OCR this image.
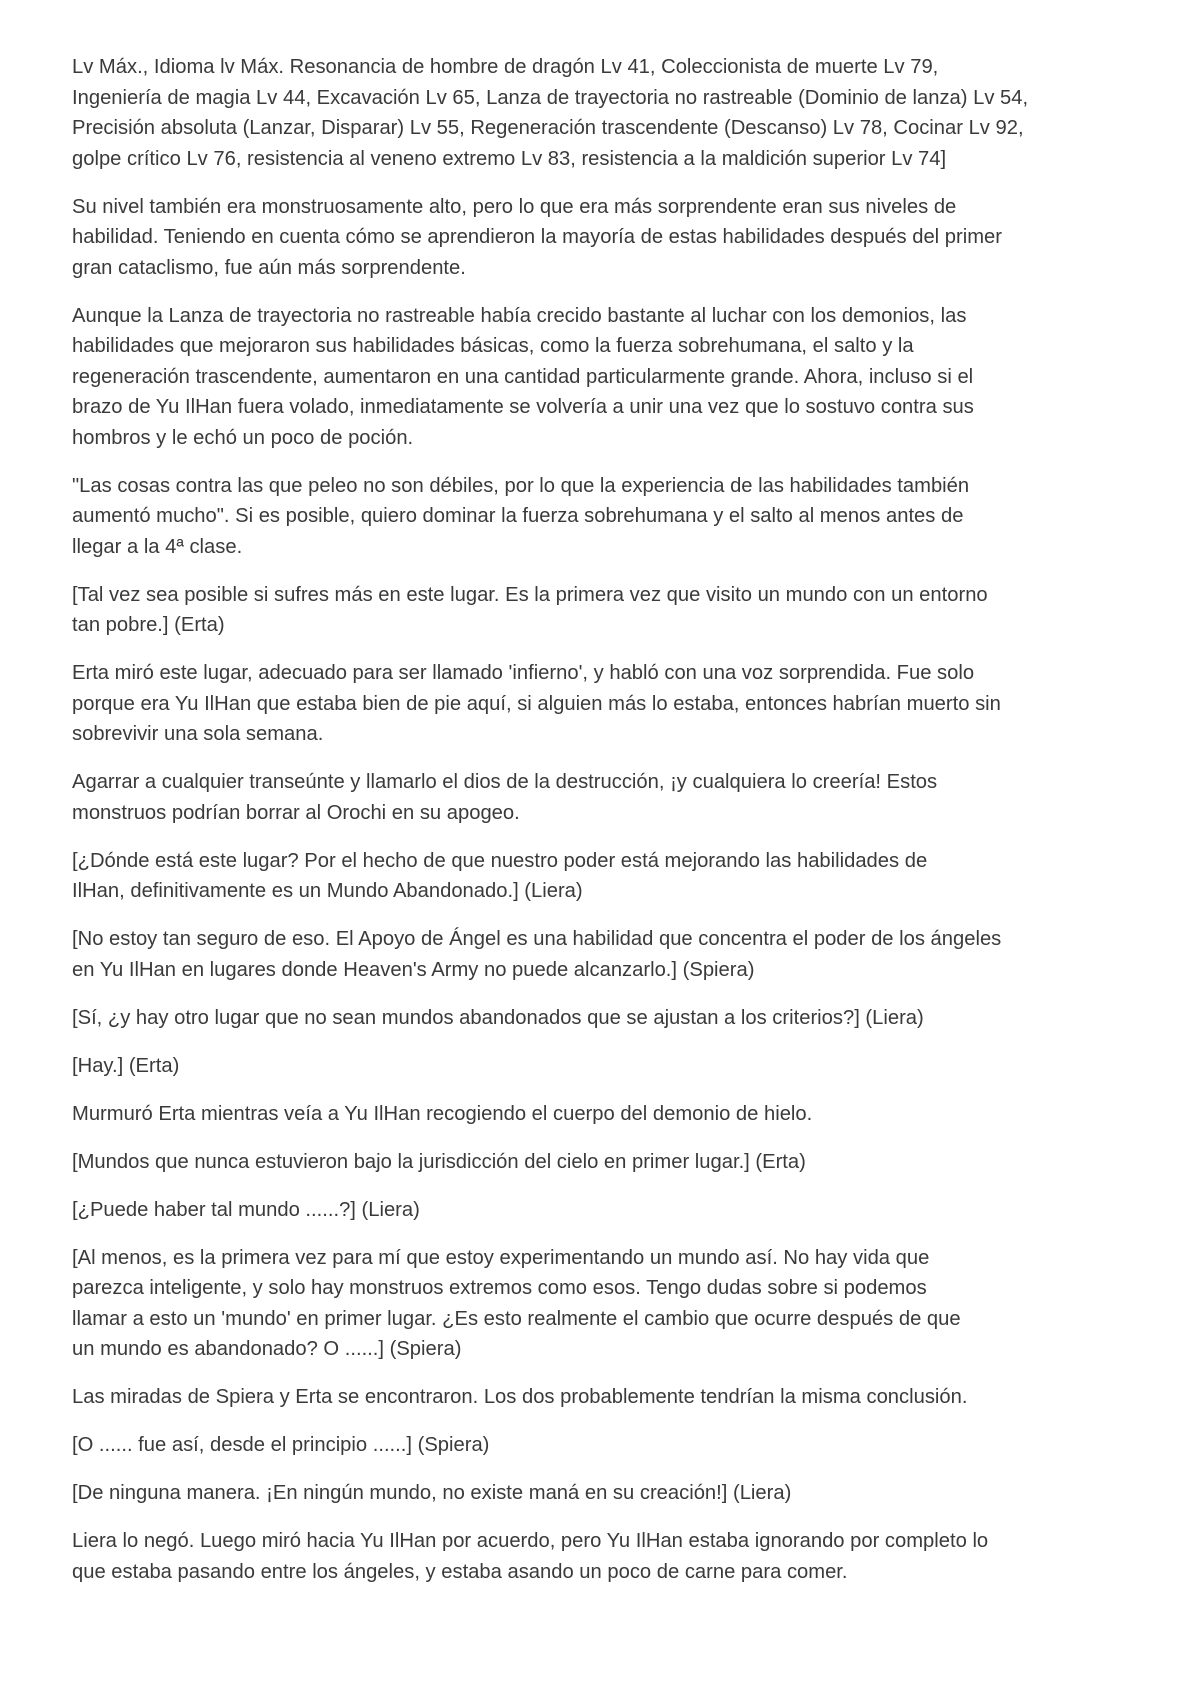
Lv Máx., Idioma lv Máx. Resonancia de hombre de dragón Lv 41, Coleccionista de muerte Lv 79,
Ingeniería de magia Lv 44, Excavación Lv 65, Lanza de trayectoria no rastreable (Dominio de lanza) Lv 54,
Precisión absoluta (Lanzar, Disparar) Lv 55, Regeneración trascendente (Descanso) Lv 78, Cocinar Lv 92,
golpe crítico Lv 76, resistencia al veneno extremo Lv 83, resistencia a la maldición superior Lv 74]

Su nivel también era monstruosamente alto, pero lo que era más sorprendente eran sus niveles de
habilidad. Teniendo en cuenta cómo se aprendieron la mayoría de estas habilidades después del primer
gran cataclismo, fue aún más sorprendente.

Aunque la Lanza de trayectoria no rastreable había crecido bastante al luchar con los demonios, las
habilidades que mejoraron sus habilidades básicas, como la fuerza sobrehumana, el salto y la
regeneración trascendente, aumentaron en una cantidad particularmente grande. Ahora, incluso si el
brazo de Yu IlHan fuera volado, inmediatamente se volvería a unir una vez que lo sostuvo contra sus
hombros y le echó un poco de poción.

"Las cosas contra las que peleo no son débiles, por lo que la experiencia de las habilidades también
aumentó mucho". Si es posible, quiero dominar la fuerza sobrehumana y el salto al menos antes de
llegar a la 4ª clase.

[Tal vez sea posible si sufres más en este lugar. Es la primera vez que visito un mundo con un entorno
tan pobre.] (Erta)

Erta miró este lugar, adecuado para ser llamado 'infierno', y habló con una voz sorprendida. Fue solo
porque era Yu IlHan que estaba bien de pie aquí, si alguien más lo estaba, entonces habrían muerto sin
sobrevivir una sola semana.

Agarrar a cualquier transeúnte y llamarlo el dios de la destrucción, ¡y cualquiera lo creería! Estos
monstruos podrían borrar al Orochi en su apogeo.

[¿Dónde está este lugar? Por el hecho de que nuestro poder está mejorando las habilidades de
IlHan, definitivamente es un Mundo Abandonado.] (Liera)

[No estoy tan seguro de eso. El Apoyo de Ángel es una habilidad que concentra el poder de los ángeles
en Yu IlHan en lugares donde Heaven's Army no puede alcanzarlo.] (Spiera)

[Sí, ¿y hay otro lugar que no sean mundos abandonados que se ajustan a los criterios?] (Liera)

[Hay.] (Erta)

Murmuró Erta mientras veía a Yu IlHan recogiendo el cuerpo del demonio de hielo.

[Mundos que nunca estuvieron bajo la jurisdicción del cielo en primer lugar.] (Erta)

[¿Puede haber tal mundo ......?] (Liera)

[Al menos, es la primera vez para mí que estoy experimentando un mundo así. No hay vida que
parezca inteligente, y solo hay monstruos extremos como esos. Tengo dudas sobre si podemos
llamar a esto un 'mundo' en primer lugar. ¿Es esto realmente el cambio que ocurre después de que
un mundo es abandonado? O ......] (Spiera)

Las miradas de Spiera y Erta se encontraron. Los dos probablemente tendrían la misma conclusión.

[O ...... fue así, desde el principio ......] (Spiera)

[De ninguna manera. ¡En ningún mundo, no existe maná en su creación!] (Liera)

Liera lo negó. Luego miró hacia Yu IlHan por acuerdo, pero Yu IlHan estaba ignorando por completo lo
que estaba pasando entre los ángeles, y estaba asando un poco de carne para comer.
